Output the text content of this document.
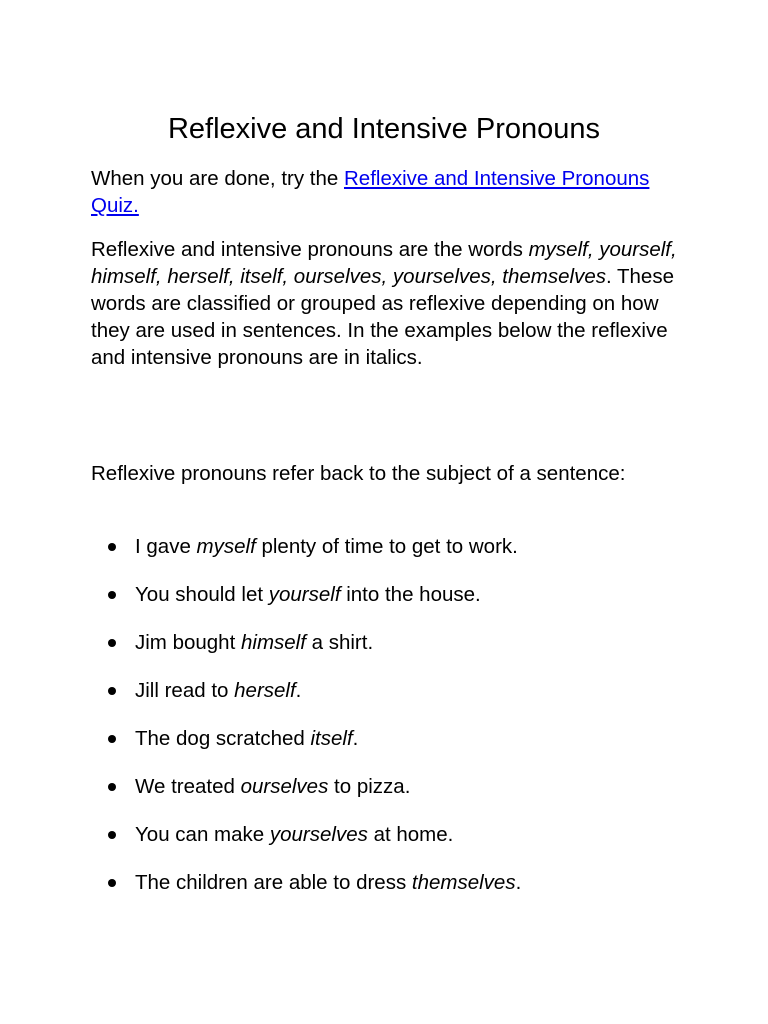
Reflexive and Intensive Pronouns

When you are done, try the Reflexive and Intensive Pronouns Quiz.

Reflexive and intensive pronouns are the words myself, yourself, himself, herself, itself, ourselves, yourselves, themselves. These words are classified or grouped as reflexive depending on how they are used in sentences. In the examples below the reflexive and intensive pronouns are in italics.

Reflexive pronouns refer back to the subject of a sentence:

I gave myself plenty of time to get to work.
You should let yourself into the house.
Jim bought himself a shirt.
Jill read to herself.
The dog scratched itself.
We treated ourselves to pizza.
You can make yourselves at home.
The children are able to dress themselves.
